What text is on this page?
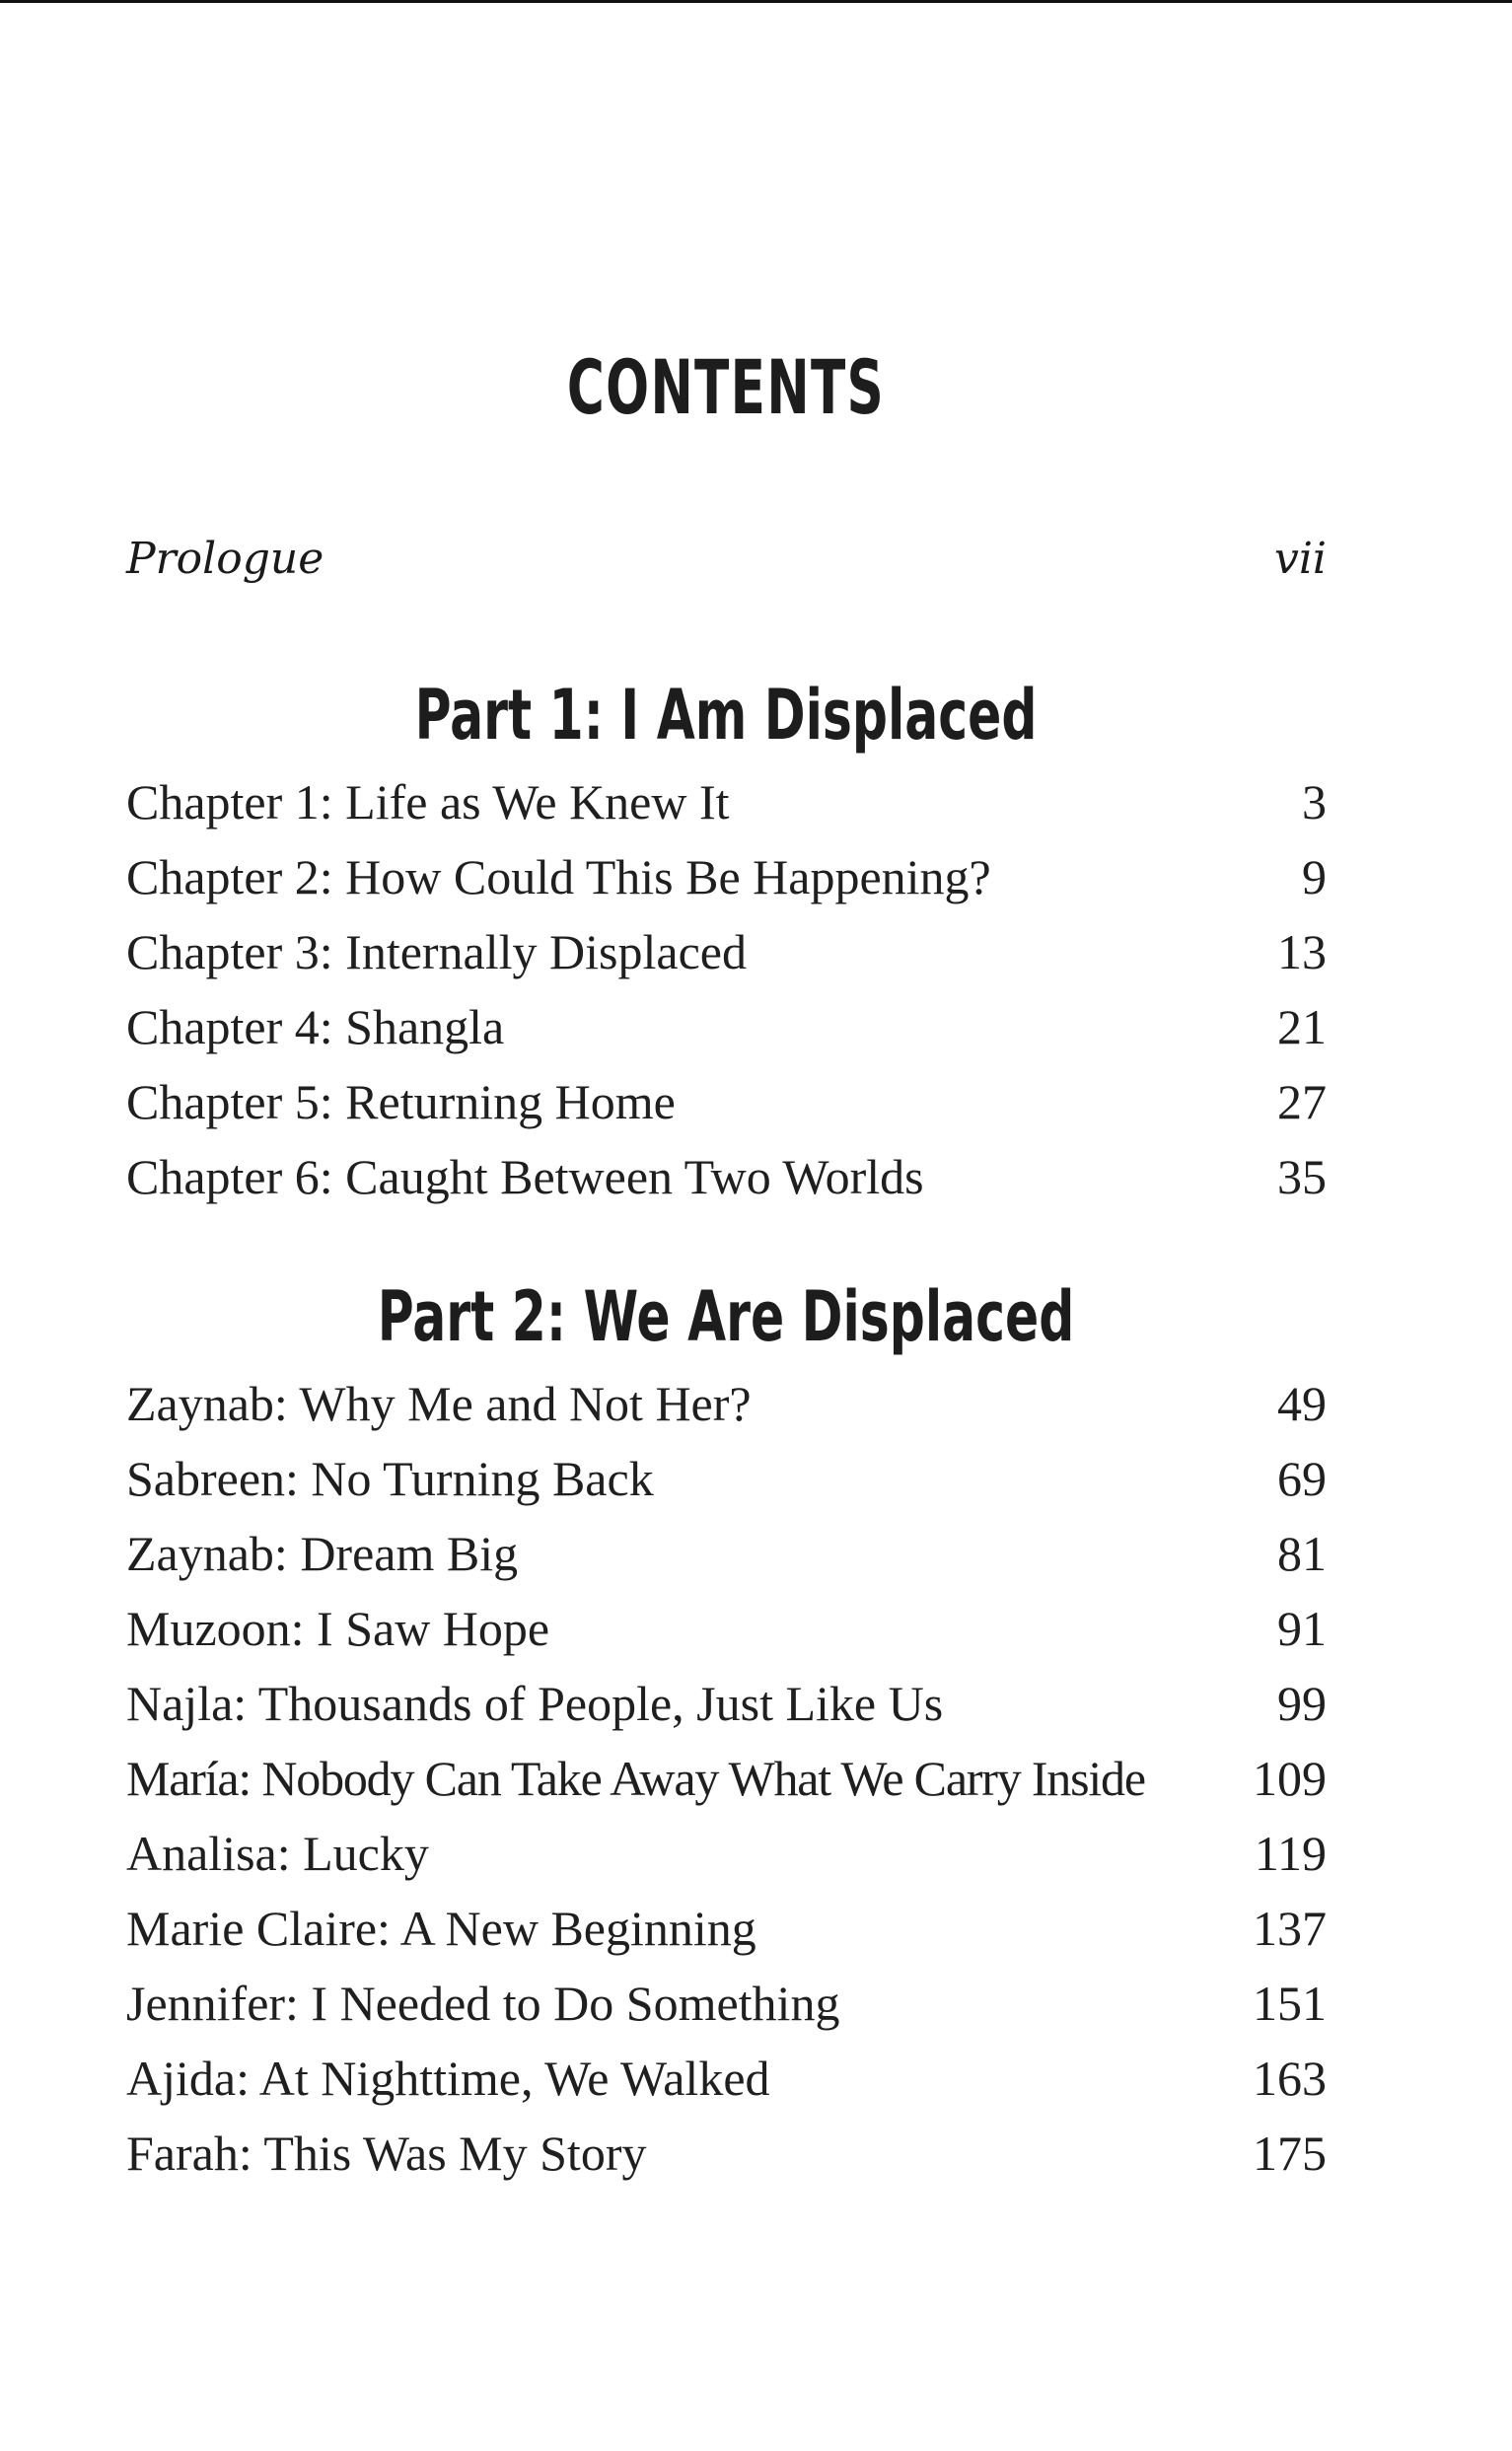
CONTENTS
Prologue	vii
Part 1: I Am Displaced
Chapter 1: Life as We Knew It	3
Chapter 2: How Could This Be Happening?	9
Chapter 3: Internally Displaced	13
Chapter 4: Shangla	21
Chapter 5: Returning Home	27
Chapter 6: Caught Between Two Worlds	35
Part 2: We Are Displaced
Zaynab: Why Me and Not Her?	49
Sabreen: No Turning Back	69
Zaynab: Dream Big	81
Muzoon: I Saw Hope	91
Najla: Thousands of People, Just Like Us	99
María: Nobody Can Take Away What We Carry Inside	109
Analisa: Lucky	119
Marie Claire: A New Beginning	137
Jennifer: I Needed to Do Something	151
Ajida: At Nighttime, We Walked	163
Farah: This Was My Story	175
